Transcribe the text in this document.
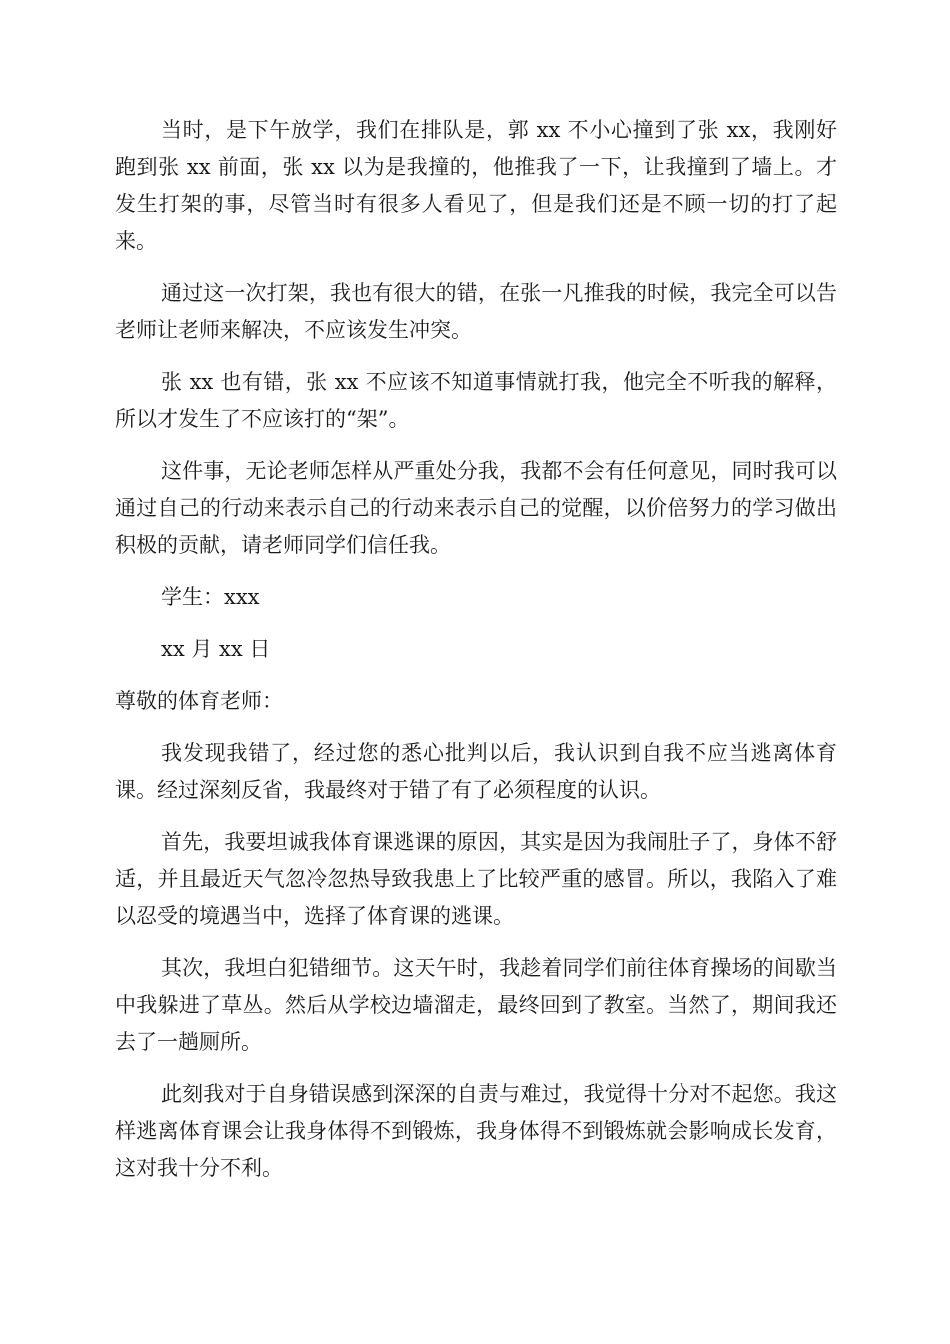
当时，是下午放学，我们在排队是，郭 xx 不小心撞到了张 xx，我刚好跑到张 xx 前面，张 xx 以为是我撞的，他推我了一下，让我撞到了墙上。才发生打架的事，尽管当时有很多人看见了，但是我们还是不顾一切的打了起来。

通过这一次打架，我也有很大的错，在张一凡推我的时候，我完全可以告老师让老师来解决，不应该发生冲突。

张 xx 也有错，张 xx 不应该不知道事情就打我，他完全不听我的解释，所以才发生了不应该打的“架”。

这件事，无论老师怎样从严重处分我，我都不会有任何意见，同时我可以通过自己的行动来表示自己的行动来表示自己的觉醒，以价倍努力的学习做出积极的贡献，请老师同学们信任我。

学生：xxx

xx 月 xx 日

尊敬的体育老师：

我发现我错了，经过您的悉心批判以后，我认识到自我不应当逃离体育课。经过深刻反省，我最终对于错了有了必须程度的认识。

首先，我要坦诚我体育课逃课的原因，其实是因为我闹肚子了，身体不舒适，并且最近天气忽冷忽热导致我患上了比较严重的感冒。所以，我陷入了难以忍受的境遇当中，选择了体育课的逃课。

其次，我坦白犯错细节。这天午时，我趁着同学们前往体育操场的间歇当中我躲进了草丛。然后从学校边墙溜走，最终回到了教室。当然了，期间我还去了一趟厕所。

此刻我对于自身错误感到深深的自责与难过，我觉得十分对不起您。我这样逃离体育课会让我身体得不到锻炼，我身体得不到锻炼就会影响成长发育，这对我十分不利。
